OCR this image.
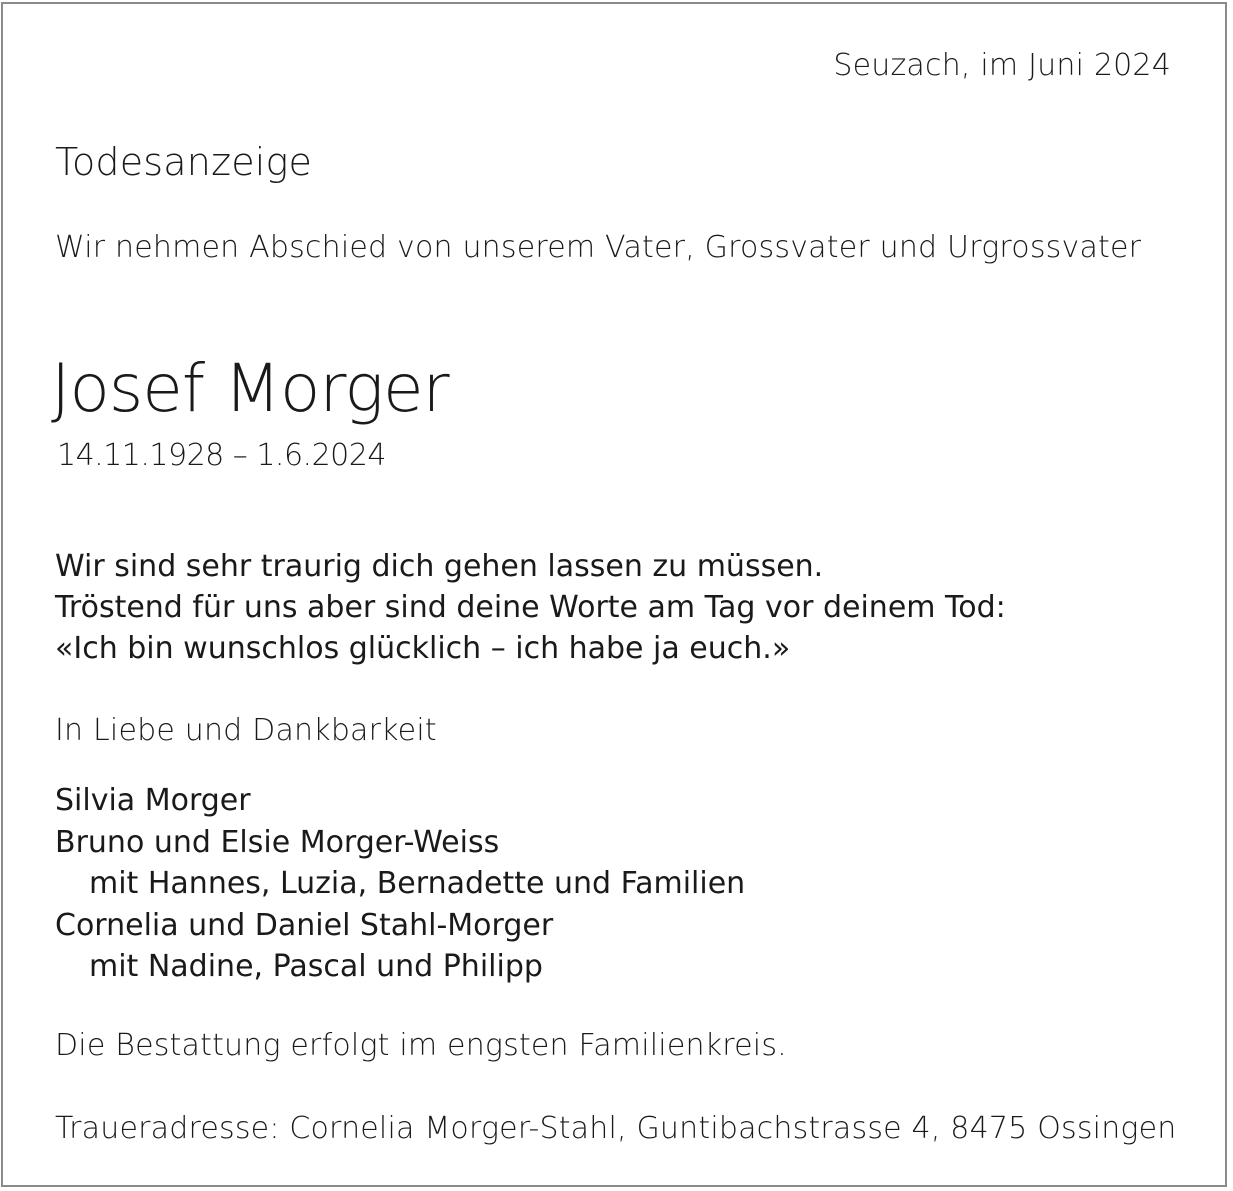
Seuzach, im Juni 2024
Todesanzeige
Wir nehmen Abschied von unserem Vater, Grossvater und Urgrossvater
Josef Morger
14.11.1928 – 1.6.2024
Wir sind sehr traurig dich gehen lassen zu müssen.
Tröstend für uns aber sind deine Worte am Tag vor deinem Tod:
«Ich bin wunschlos glücklich – ich habe ja euch.»
In Liebe und Dankbarkeit
Silvia Morger
Bruno und Elsie Morger-Weiss
mit Hannes, Luzia, Bernadette und Familien
Cornelia und Daniel Stahl-Morger
mit Nadine, Pascal und Philipp
Die Bestattung erfolgt im engsten Familienkreis.
Traueradresse: Cornelia Morger-Stahl, Guntibachstrasse 4, 8475 Ossingen
